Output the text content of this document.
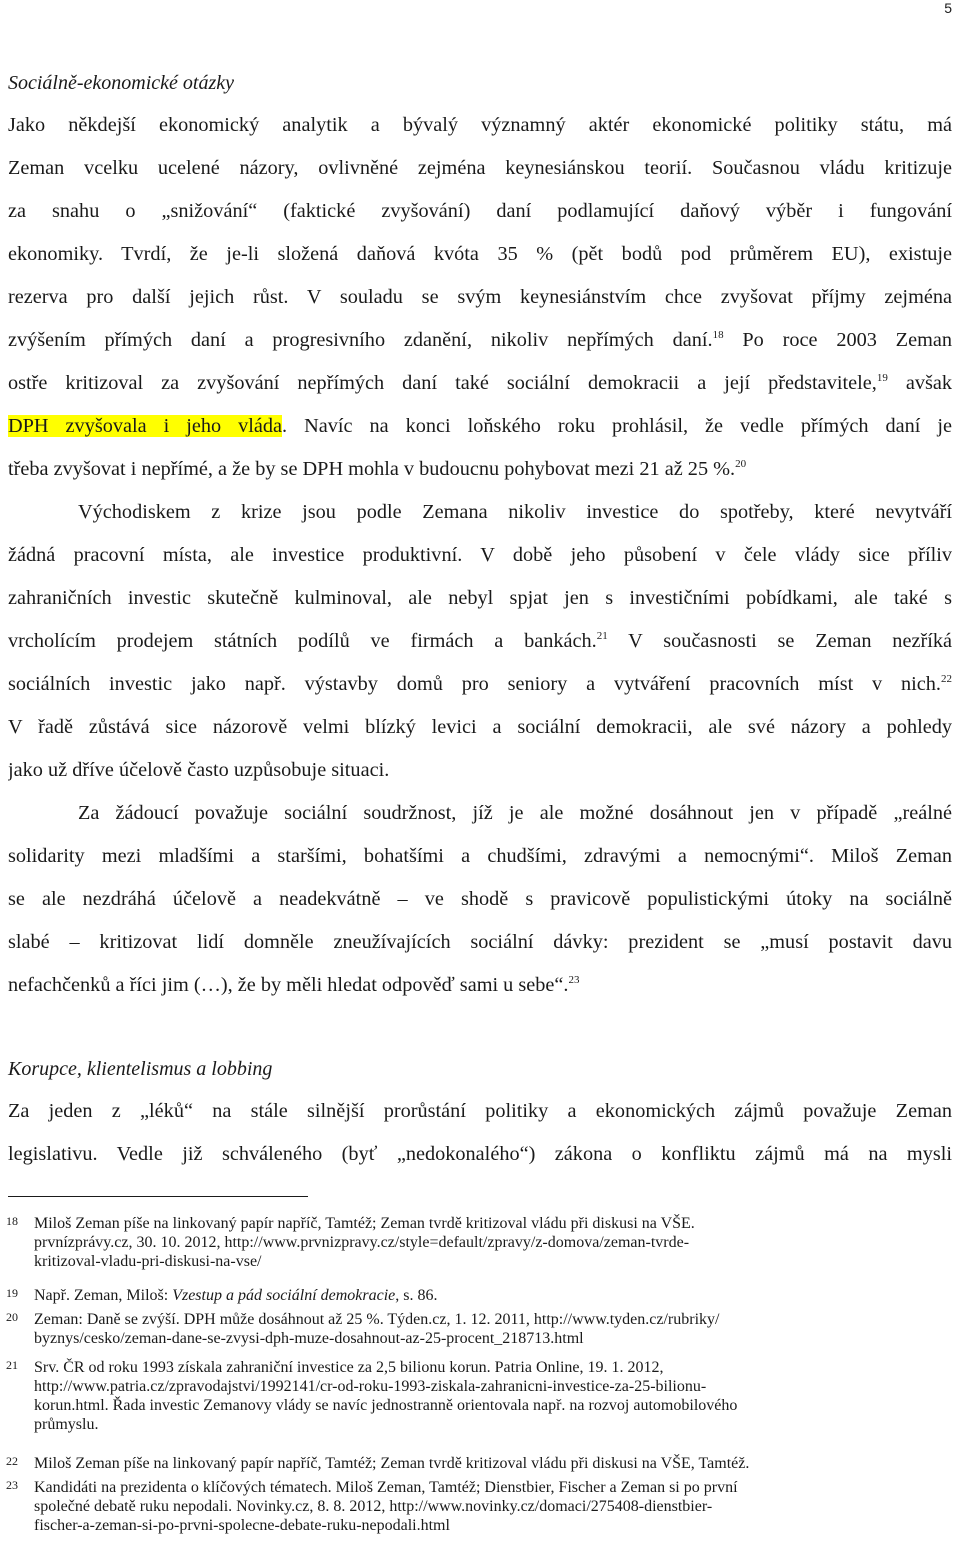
5
Sociálně-ekonomické otázky
Jako někdejší ekonomický analytik a bývalý významný aktér ekonomické politiky státu, má
Zeman vcelku ucelené názory, ovlivněné zejména keynesiánskou teorií. Současnou vládu kritizuje
za snahu o „snižování“ (faktické zvyšování) daní podlamující daňový výběr i fungování
ekonomiky. Tvrdí, že je-li složená daňová kvóta 35 % (pět bodů pod průměrem EU), existuje
rezerva pro další jejich růst. V souladu se svým keynesiánstvím chce zvyšovat příjmy zejména
zvýšením přímých daní a progresivního zdanění, nikoliv nepřímých daní.$^{18}$ Po roce 2003 Zeman
ostře kritizoval za zvyšování nepřímých daní také sociální demokracii a její představitele,$^{19}$ avšak
DPH zvyšovala i jeho vláda. Navíc na konci loňského roku prohlásil, že vedle přímých daní je
třeba zvyšovat i nepřímé, a že by se DPH mohla v budoucnu pohybovat mezi 21 až 25 %.$^{20}$
Východiskem z krize jsou podle Zemana nikoliv investice do spotřeby, které nevytváří
žádná pracovní místa, ale investice produktivní. V době jeho působení v čele vlády sice příliv
zahraničních investic skutečně kulminoval, ale nebyl spjat jen s investičními pobídkami, ale také s
vrcholícím prodejem státních podílů ve firmách a bankách.$^{21}$ V současnosti se Zeman nezříká
sociálních investic jako např. výstavby domů pro seniory a vytváření pracovních míst v nich.$^{22}$
V řadě zůstává sice názorově velmi blízký levici a sociální demokracii, ale své názory a pohledy
jako už dříve účelově často uzpůsobuje situaci.
Za žádoucí považuje sociální soudržnost, jíž je ale možné dosáhnout jen v případě „reálné
solidarity mezi mladšími a staršími, bohatšími a chudšími, zdravými a nemocnými“. Miloš Zeman
se ale nezdráhá účelově a neadekvátně – ve shodě s pravicově populistickými útoky na sociálně
slabé – kritizovat lidí domněle zneužívajících sociální dávky: prezident se „musí postavit davu
nefachčenků a říci jim (…), že by měli hledat odpověď sami u sebe“.$^{23}$
Korupce, klientelismus a lobbing
Za jeden z „léků“ na stále silnější prorůstání politiky a ekonomických zájmů považuje Zeman
legislativu. Vedle již schváleného (byť „nedokonalého“) zákona o konfliktu zájmů má na mysli
18	Miloš Zeman píše na linkovaný papír napříč, Tamtéž; Zeman tvrdě kritizoval vládu při diskusi na VŠE.
prvnízprávy.cz, 30. 10. 2012, http://www.prvnizpravy.cz/style=default/zpravy/z-domova/zeman-tvrde-
kritizoval-vladu-pri-diskusi-na-vse/
19	Např. Zeman, Miloš: Vzestup a pád sociální demokracie, s. 86.
20	Zeman: Daně se zvýší. DPH může dosáhnout až 25 %. Týden.cz, 1. 12. 2011, http://www.tyden.cz/rubriky/
byznys/cesko/zeman-dane-se-zvysi-dph-muze-dosahnout-az-25-procent_218713.html
21	Srv. ČR od roku 1993 získala zahraniční investice za 2,5 bilionu korun. Patria Online, 19. 1. 2012,
http://www.patria.cz/zpravodajstvi/1992141/cr-od-roku-1993-ziskala-zahranicni-investice-za-25-bilionu-
korun.html. Řada investic Zemanovy vlády se navíc jednostranně orientovala např. na rozvoj automobilového
průmyslu.
22	Miloš Zeman píše na linkovaný papír napříč, Tamtéž; Zeman tvrdě kritizoval vládu při diskusi na VŠE, Tamtéž.
23	Kandidáti na prezidenta o klíčových tématech. Miloš Zeman, Tamtéž; Dienstbier, Fischer a Zeman si po první
společné debatě ruku nepodali. Novinky.cz, 8. 8. 2012, http://www.novinky.cz/domaci/275408-dienstbier-
fischer-a-zeman-si-po-prvni-spolecne-debate-ruku-nepodali.html
